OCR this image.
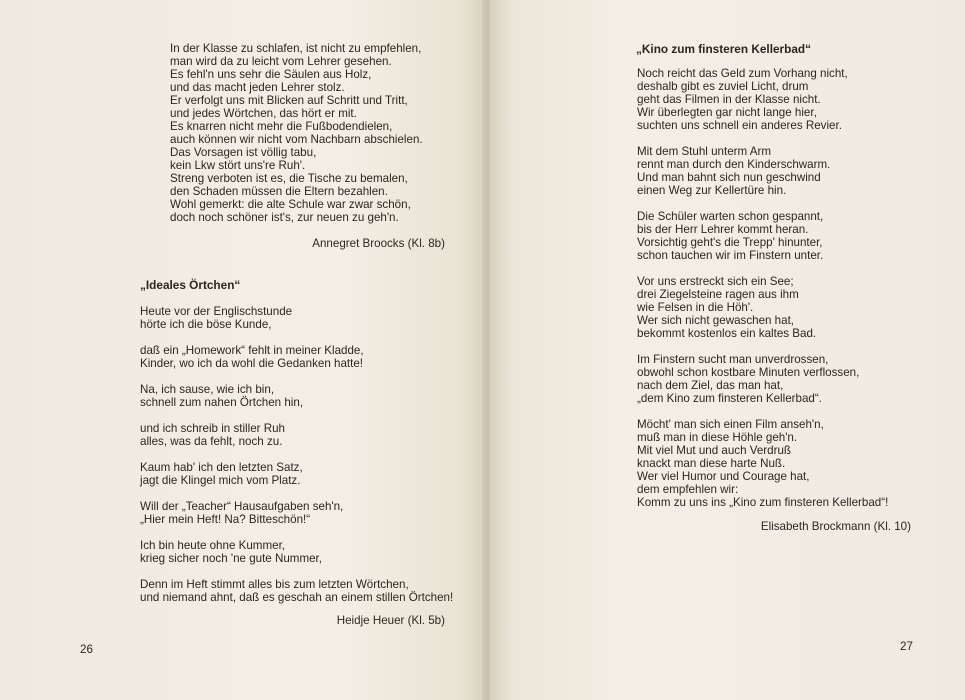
In der Klasse zu schlafen, ist nicht zu empfehlen,
man wird da zu leicht vom Lehrer gesehen.
Es fehl'n uns sehr die Säulen aus Holz,
und das macht jeden Lehrer stolz.
Er verfolgt uns mit Blicken auf Schritt und Tritt,
und jedes Wörtchen, das hört er mit.
Es knarren nicht mehr die Fußbodendielen,
auch können wir nicht vom Nachbarn abschielen.
Das Vorsagen ist völlig tabu,
kein Lkw stört uns're Ruh'.
Streng verboten ist es, die Tische zu bemalen,
den Schaden müssen die Eltern bezahlen.
Wohl gemerkt: die alte Schule war zwar schön,
doch noch schöner ist's, zur neuen zu geh'n.
Annegret Broocks (Kl. 8b)
„Ideales Örtchen“
Heute vor der Englischstunde
hörte ich die böse Kunde,
daß ein „Homework“ fehlt in meiner Kladde,
Kinder, wo ich da wohl die Gedanken hatte!
Na, ich sause, wie ich bin,
schnell zum nahen Örtchen hin,
und ich schreib in stiller Ruh
alles, was da fehlt, noch zu.
Kaum hab' ich den letzten Satz,
jagt die Klingel mich vom Platz.
Will der „Teacher“ Hausaufgaben seh'n,
„Hier mein Heft! Na? Bitteschön!“
Ich bin heute ohne Kummer,
krieg sicher noch 'ne gute Nummer,
Denn im Heft stimmt alles bis zum letzten Wörtchen,
und niemand ahnt, daß es geschah an einem stillen Örtchen!
Heidje Heuer (Kl. 5b)
26
„Kino zum finsteren Kellerbad“
Noch reicht das Geld zum Vorhang nicht,
deshalb gibt es zuviel Licht, drum
geht das Filmen in der Klasse nicht.
Wir überlegten gar nicht lange hier,
suchten uns schnell ein anderes Revier.
Mit dem Stuhl unterm Arm
rennt man durch den Kinderschwarm.
Und man bahnt sich nun geschwind
einen Weg zur Kellertüre hin.
Die Schüler warten schon gespannt,
bis der Herr Lehrer kommt heran.
Vorsichtig geht's die Trepp' hinunter,
schon tauchen wir im Finstern unter.
Vor uns erstreckt sich ein See;
drei Ziegelsteine ragen aus ihm
wie Felsen in die Höh'.
Wer sich nicht gewaschen hat,
bekommt kostenlos ein kaltes Bad.
Im Finstern sucht man unverdrossen,
obwohl schon kostbare Minuten verflossen,
nach dem Ziel, das man hat,
„dem Kino zum finsteren Kellerbad“.
Möcht' man sich einen Film anseh'n,
muß man in diese Höhle geh'n.
Mit viel Mut und auch Verdruß
knackt man diese harte Nuß.
Wer viel Humor und Courage hat,
dem empfehlen wir:
Komm zu uns ins „Kino zum finsteren Kellerbad“!
Elisabeth Brockmann (Kl. 10)
27
